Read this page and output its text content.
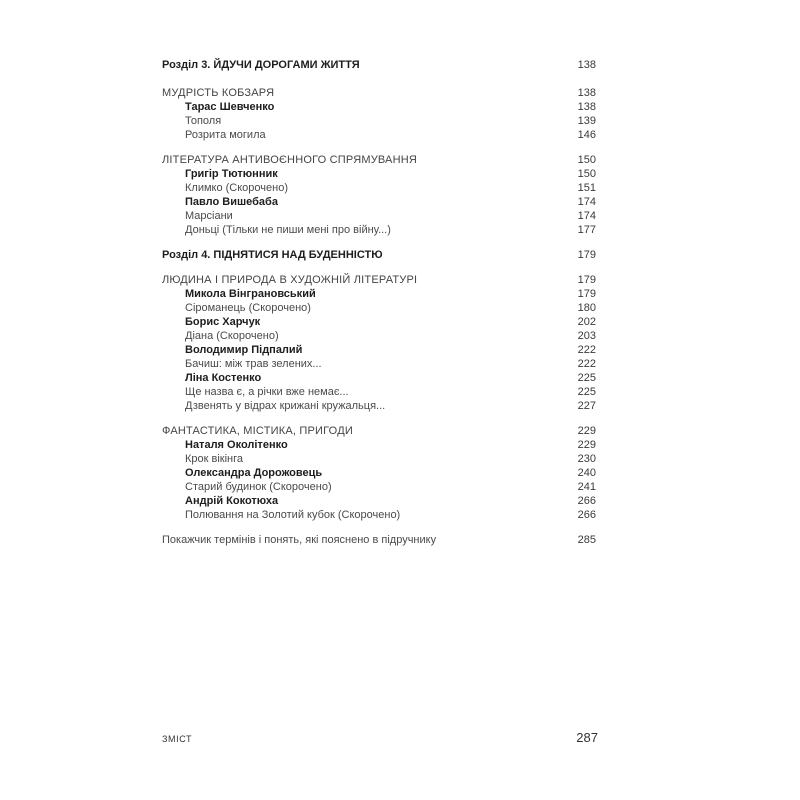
Розділ 3. ЙДУЧИ ДОРОГАМИ ЖИТТЯ	138
МУДРІСТЬ КОБЗАРЯ	138
Тарас Шевченко	138
Тополя	139
Розрита могила	146
ЛІТЕРАТУРА АНТИВОЄННОГО СПРЯМУВАННЯ	150
Григір Тютюнник	150
Климко (Скорочено)	151
Павло Вишебаба	174
Марсіани	174
Доньці (Тільки не пиши мені про війну...)	177
Розділ 4. ПІДНЯТИСЯ НАД БУДЕННІСТЮ	179
ЛЮДИНА І ПРИРОДА В ХУДОЖНІЙ ЛІТЕРАТУРІ	179
Микола Вінграновський	179
Сіроманець (Скорочено)	180
Борис Харчук	202
Діана (Скорочено)	203
Володимир Підпалий	222
Бачиш: між трав зелених...	222
Ліна Костенко	225
Ще назва є, а річки вже немає...	225
Дзвенять у відрах крижані кружальця...	227
ФАНТАСТИКА, МІСТИКА, ПРИГОДИ	229
Наталя Околітенко	229
Крок вікінга	230
Олександра Дорожовець	240
Старий будинок (Скорочено)	241
Андрій Кокотюха	266
Полювання на Золотий кубок (Скорочено)	266
Покажчик термінів і понять, які пояснено в підручнику	285
ЗМІСТ	287
